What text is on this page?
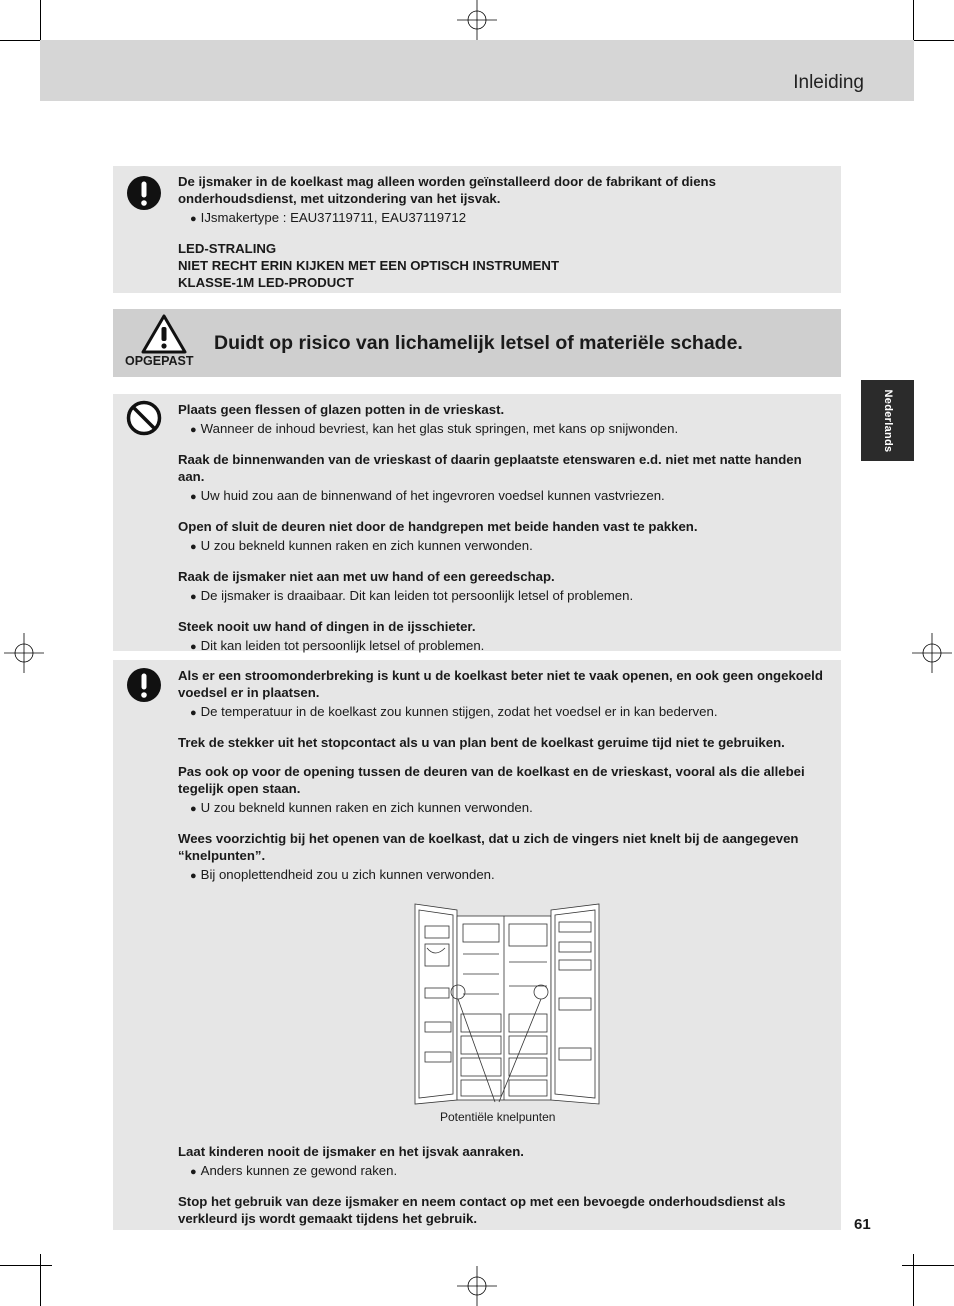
Inleiding
Nederlands
De ijsmaker in de koelkast mag alleen worden geïnstalleerd door de fabrikant of diens onderhoudsdienst, met uitzondering van het ijsvak.
● IJsmakertype : EAU37119711, EAU37119712
LED-STRALING
NIET RECHT ERIN KIJKEN MET EEN OPTISCH INSTRUMENT
KLASSE-1M LED-PRODUCT
OPGEPAST
Duidt op risico van lichamelijk letsel of materiële schade.
Plaats geen flessen of glazen potten in de vrieskast.
● Wanneer de inhoud bevriest, kan het glas stuk springen, met kans op snijwonden.
Raak de binnenwanden van de vrieskast of daarin geplaatste etenswaren e.d. niet met natte handen aan.
● Uw huid zou aan de binnenwand of het ingevroren voedsel kunnen vastvriezen.
Open of sluit de deuren niet door de handgrepen met beide handen vast te pakken.
● U zou bekneld kunnen raken en zich kunnen verwonden.
Raak de ijsmaker niet aan met uw hand of een gereedschap.
● De ijsmaker is draaibaar. Dit kan leiden tot persoonlijk letsel of problemen.
Steek nooit uw hand of dingen in de ijsschieter.
● Dit kan leiden tot persoonlijk letsel of problemen.
Als er een stroomonderbreking is kunt u de koelkast beter niet te vaak openen, en ook geen ongekoeld voedsel er in plaatsen.
● De temperatuur in de koelkast zou kunnen stijgen, zodat het voedsel er in kan bederven.
Trek de stekker uit het stopcontact als u van plan bent de koelkast geruime tijd niet te gebruiken.
Pas ook op voor de opening tussen de deuren van de koelkast en de vrieskast, vooral als die allebei tegelijk open staan.
● U zou bekneld kunnen raken en zich kunnen verwonden.
Wees voorzichtig bij het openen van de koelkast, dat u zich de vingers niet knelt bij de aangegeven “knelpunten”.
● Bij onoplettendheid zou u zich kunnen verwonden.
Potentiële knelpunten
Laat kinderen nooit de ijsmaker en het ijsvak aanraken.
● Anders kunnen ze gewond raken.
Stop het gebruik van deze ijsmaker en neem contact op met een bevoegde onderhoudsdienst als verkleurd ijs wordt gemaakt tijdens het gebruik.	61
